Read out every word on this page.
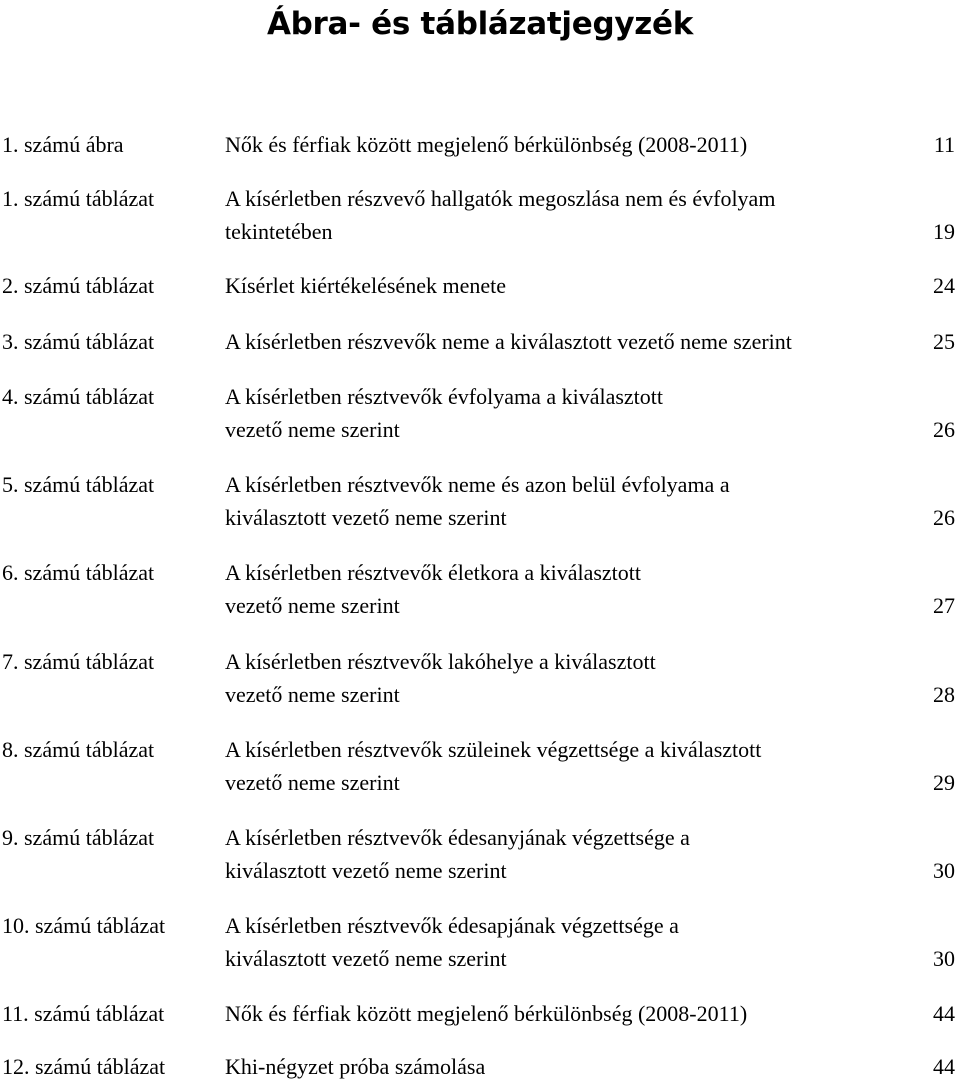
Ábra- és táblázatjegyzék
1. számú ábra	Nők és férfiak között megjelenő bérkülönbség (2008-2011)	11
1. számú táblázat	A kísérletben részvevő hallgatók megoszlása nem és évfolyam
tekintetében	19
2. számú táblázat	Kísérlet kiértékelésének menete	24
3. számú táblázat	A kísérletben részvevők neme a kiválasztott vezető neme szerint	25
4. számú táblázat	A kísérletben résztvevők évfolyama a kiválasztott
vezető neme szerint	26
5. számú táblázat	A kísérletben résztvevők neme és azon belül évfolyama a
kiválasztott vezető neme szerint	26
6. számú táblázat	A kísérletben résztvevők életkora a kiválasztott
vezető neme szerint	27
7. számú táblázat	A kísérletben résztvevők lakóhelye a kiválasztott
vezető neme szerint	28
8. számú táblázat	A kísérletben résztvevők szüleinek végzettsége a kiválasztott
vezető neme szerint	29
9. számú táblázat	A kísérletben résztvevők édesanyjának végzettsége a
kiválasztott vezető neme szerint	30
10. számú táblázat	A kísérletben résztvevők édesapjának végzettsége a
kiválasztott vezető neme szerint	30
11. számú táblázat	Nők és férfiak között megjelenő bérkülönbség (2008-2011)	44
12. számú táblázat	Khi-négyzet próba számolása	44
